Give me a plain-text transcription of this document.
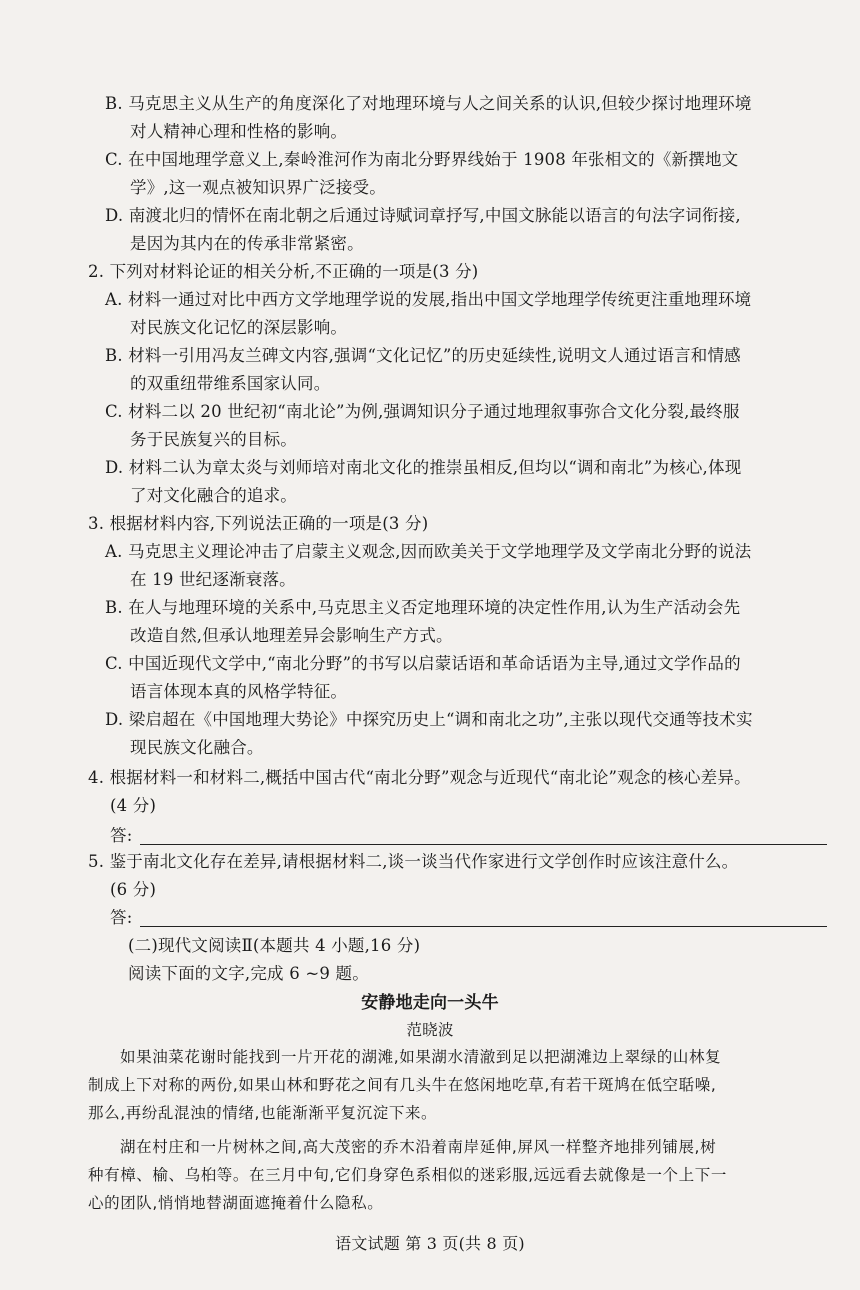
B. 马克思主义从生产的角度深化了对地理环境与人之间关系的认识,但较少探讨地理环境
对人精神心理和性格的影响。
C. 在中国地理学意义上,秦岭淮河作为南北分野界线始于 1908 年张相文的《新撰地文
学》,这一观点被知识界广泛接受。
D. 南渡北归的情怀在南北朝之后通过诗赋词章抒写,中国文脉能以语言的句法字词衔接,
是因为其内在的传承非常紧密。
2. 下列对材料论证的相关分析,不正确的一项是(3 分)
A. 材料一通过对比中西方文学地理学说的发展,指出中国文学地理学传统更注重地理环境
对民族文化记忆的深层影响。
B. 材料一引用冯友兰碑文内容,强调“文化记忆”的历史延续性,说明文人通过语言和情感
的双重纽带维系国家认同。
C. 材料二以 20 世纪初“南北论”为例,强调知识分子通过地理叙事弥合文化分裂,最终服
务于民族复兴的目标。
D. 材料二认为章太炎与刘师培对南北文化的推崇虽相反,但均以“调和南北”为核心,体现
了对文化融合的追求。
3. 根据材料内容,下列说法正确的一项是(3 分)
A. 马克思主义理论冲击了启蒙主义观念,因而欧美关于文学地理学及文学南北分野的说法
在 19 世纪逐渐衰落。
B. 在人与地理环境的关系中,马克思主义否定地理环境的决定性作用,认为生产活动会先
改造自然,但承认地理差异会影响生产方式。
C. 中国近现代文学中,“南北分野”的书写以启蒙话语和革命话语为主导,通过文学作品的
语言体现本真的风格学特征。
D. 梁启超在《中国地理大势论》中探究历史上“调和南北之功”,主张以现代交通等技术实
现民族文化融合。
4. 根据材料一和材料二,概括中国古代“南北分野”观念与近现代“南北论”观念的核心差异。
(4 分)
答:
5. 鉴于南北文化存在差异,请根据材料二,谈一谈当代作家进行文学创作时应该注意什么。
(6 分)
答:
(二)现代文阅读Ⅱ(本题共 4 小题,16 分)
阅读下面的文字,完成 6 ~9 题。
安静地走向一头牛
范晓波
如果油菜花谢时能找到一片开花的湖滩,如果湖水清澈到足以把湖滩边上翠绿的山林复
制成上下对称的两份,如果山林和野花之间有几头牛在悠闲地吃草,有若干斑鸠在低空聒噪,
那么,再纷乱混浊的情绪,也能渐渐平复沉淀下来。
湖在村庄和一片树林之间,高大茂密的乔木沿着南岸延伸,屏风一样整齐地排列铺展,树
种有樟、榆、乌桕等。在三月中旬,它们身穿色系相似的迷彩服,远远看去就像是一个上下一
心的团队,悄悄地替湖面遮掩着什么隐私。
语文试题 第 3 页(共 8 页)
